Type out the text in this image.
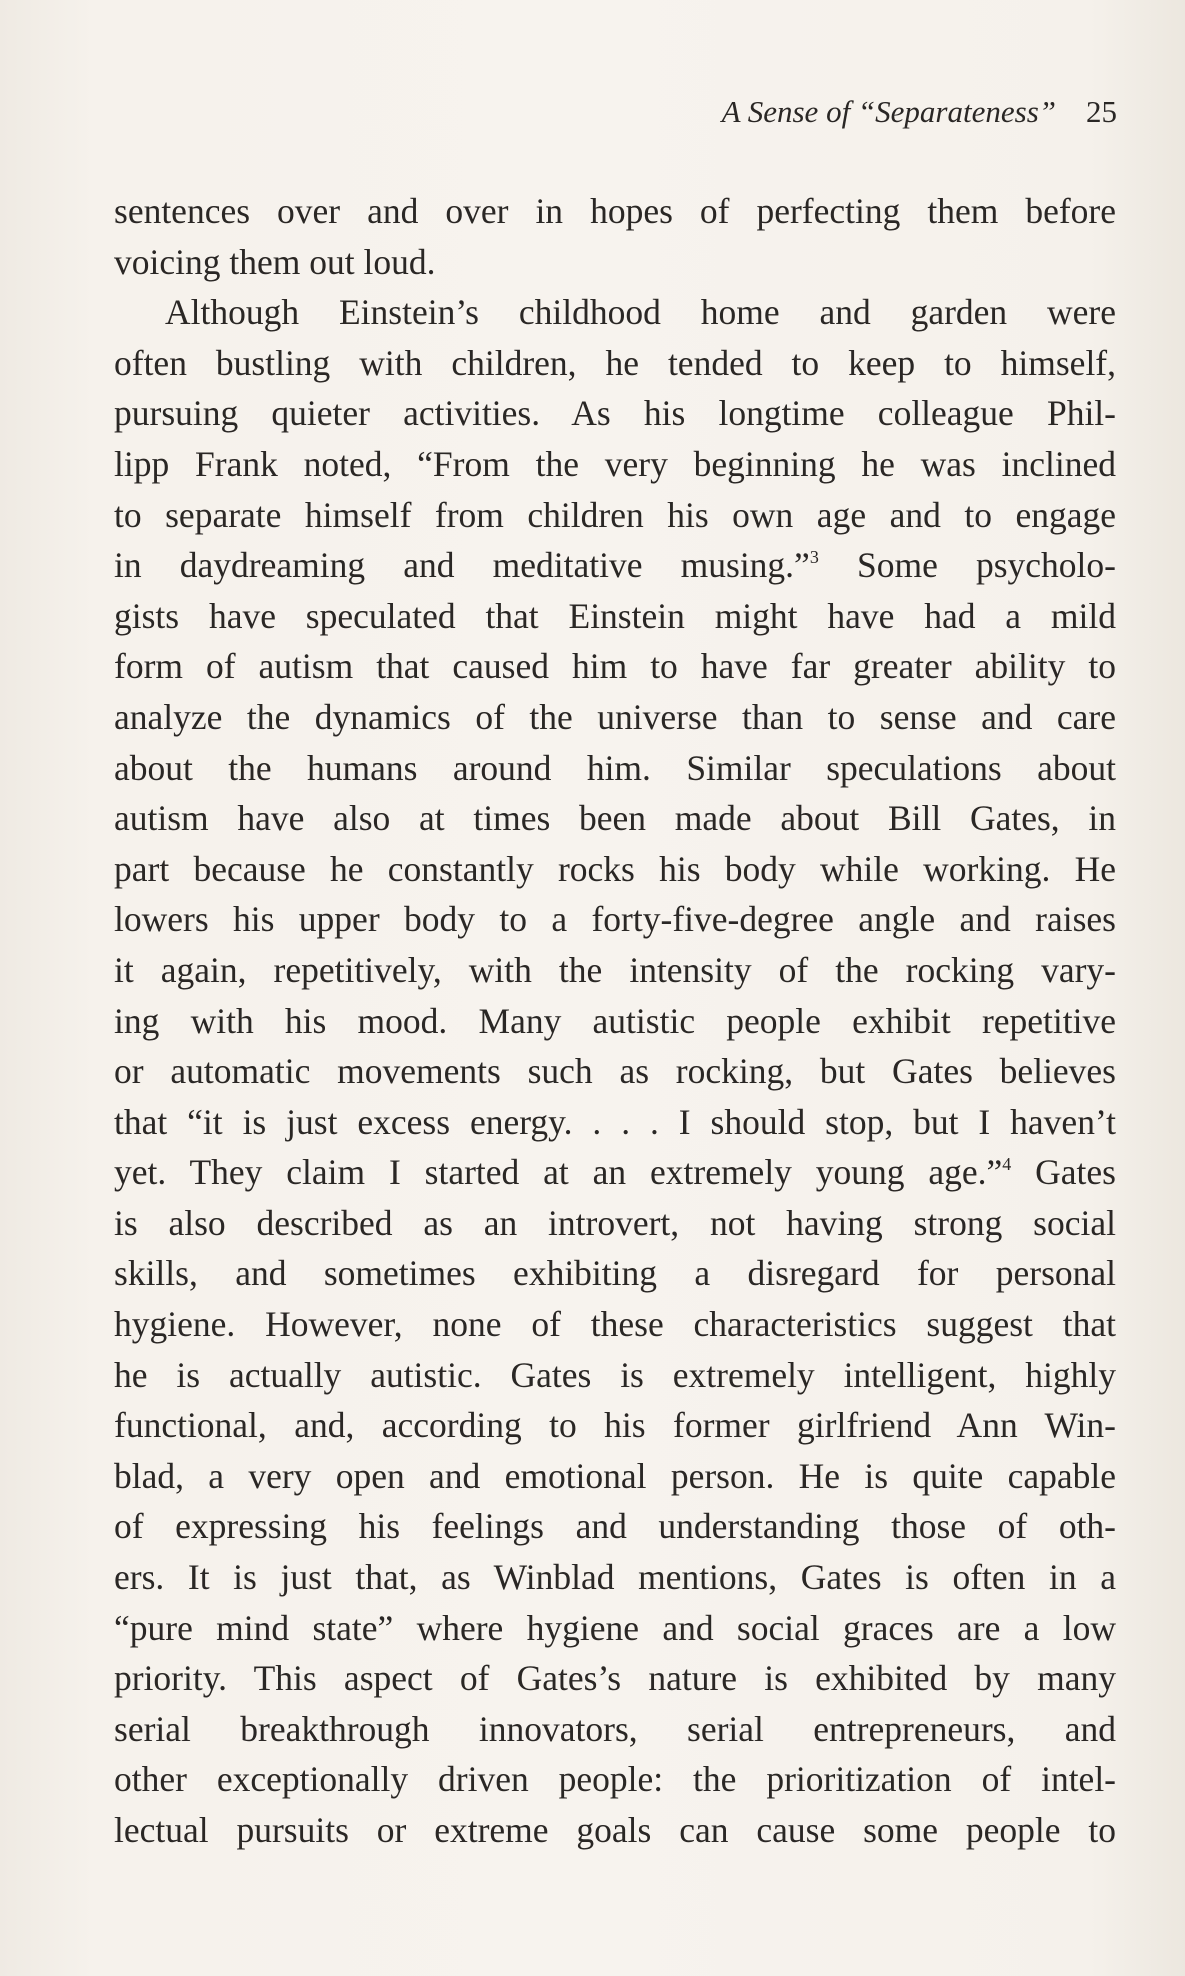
A Sense of “Separateness” 25
sentences over and over in hopes of perfecting them before
voicing them out loud.
Although Einstein’s childhood home and garden were
often bustling with children, he tended to keep to himself,
pursuing quieter activities. As his longtime colleague Phil-
lipp Frank noted, “From the very beginning he was inclined
to separate himself from children his own age and to engage
in daydreaming and meditative musing.”$^3$ Some psycholo-
gists have speculated that Einstein might have had a mild
form of autism that caused him to have far greater ability to
analyze the dynamics of the universe than to sense and care
about the humans around him. Similar speculations about
autism have also at times been made about Bill Gates, in
part because he constantly rocks his body while working. He
lowers his upper body to a forty-five-degree angle and raises
it again, repetitively, with the intensity of the rocking vary-
ing with his mood. Many autistic people exhibit repetitive
or automatic movements such as rocking, but Gates believes
that “it is just excess energy. . . . I should stop, but I haven’t
yet. They claim I started at an extremely young age.”$^4$ Gates
is also described as an introvert, not having strong social
skills, and sometimes exhibiting a disregard for personal
hygiene. However, none of these characteristics suggest that
he is actually autistic. Gates is extremely intelligent, highly
functional, and, according to his former girlfriend Ann Win-
blad, a very open and emotional person. He is quite capable
of expressing his feelings and understanding those of oth-
ers. It is just that, as Winblad mentions, Gates is often in a
“pure mind state” where hygiene and social graces are a low
priority. This aspect of Gates’s nature is exhibited by many
serial breakthrough innovators, serial entrepreneurs, and
other exceptionally driven people: the prioritization of intel-
lectual pursuits or extreme goals can cause some people to
